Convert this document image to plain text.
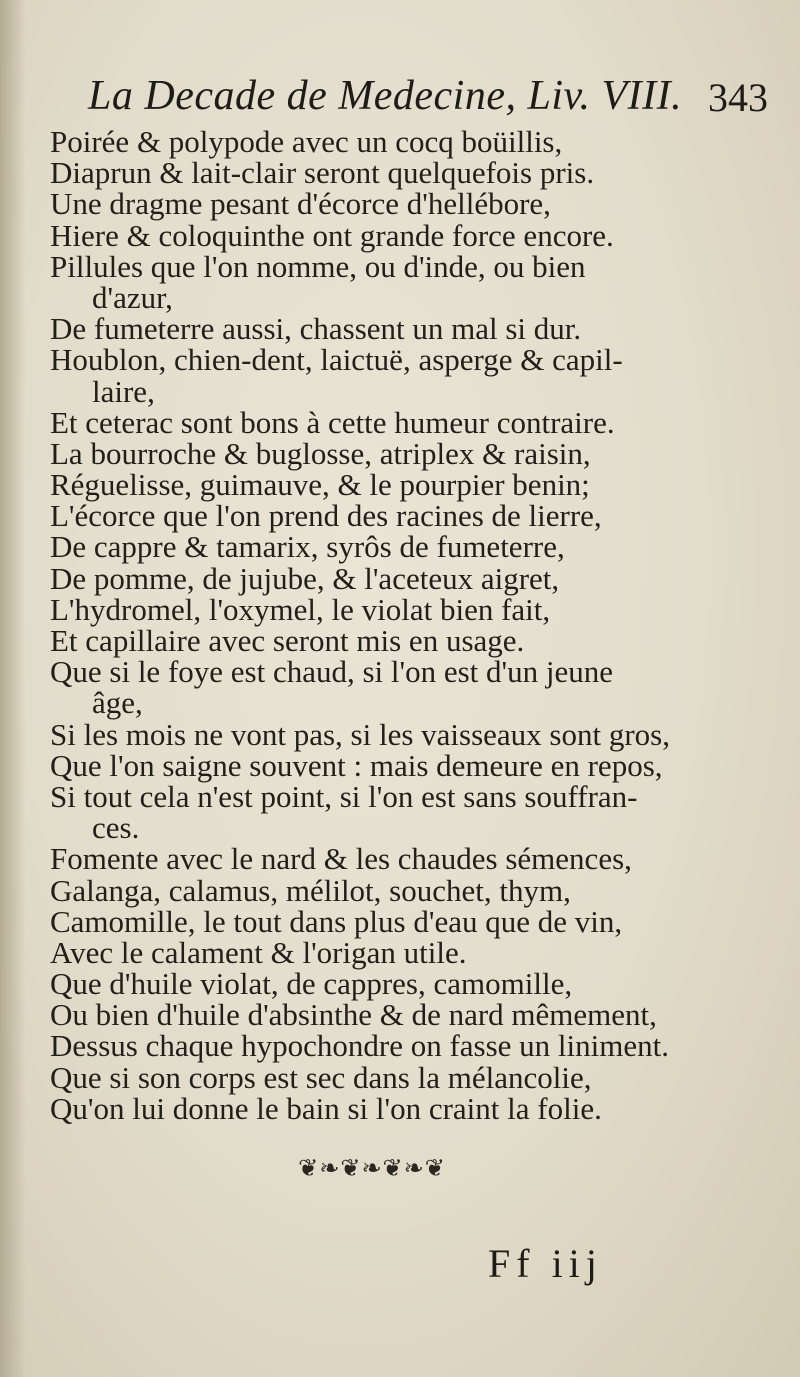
La Decade de Medecine, Liv. VIII. 343
Poirée & polypode avec un cocq boüillis,
Diaprun & lait-clair seront quelquefois pris.
Une dragme pesant d'écorce d'hellébore,
Hiere & coloquinthe ont grande force encore.
Pillules que l'on nomme, ou d'inde, ou bien
d'azur,
De fumeterre aussi, chassent un mal si dur.
Houblon, chien-dent, laictuë, asperge & capil-
laire,
Et ceterac sont bons à cette humeur contraire.
La bourroche & buglosse, atriplex & raisin,
Réguelisse, guimauve, & le pourpier benin;
L'écorce que l'on prend des racines de lierre,
De cappre & tamarix, syrôs de fumeterre,
De pomme, de jujube, & l'aceteux aigret,
L'hydromel, l'oxymel, le violat bien fait,
Et capillaire avec seront mis en usage.
Que si le foye est chaud, si l'on est d'un jeune
âge,
Si les mois ne vont pas, si les vaisseaux sont gros,
Que l'on saigne souvent : mais demeure en repos,
Si tout cela n'est point, si l'on est sans souffran-
ces.
Fomente avec le nard & les chaudes sémences,
Galanga, calamus, mélilot, souchet, thym,
Camomille, le tout dans plus d'eau que de vin,
Avec le calament & l'origan utile.
Que d'huile violat, de cappres, camomille,
Ou bien d'huile d'absinthe & de nard mêmement,
Dessus chaque hypochondre on fasse un liniment.
Que si son corps est sec dans la mélancolie,
Qu'on lui donne le bain si l'on craint la folie.
❦❧❦❧❦❧❦
Ff iij
